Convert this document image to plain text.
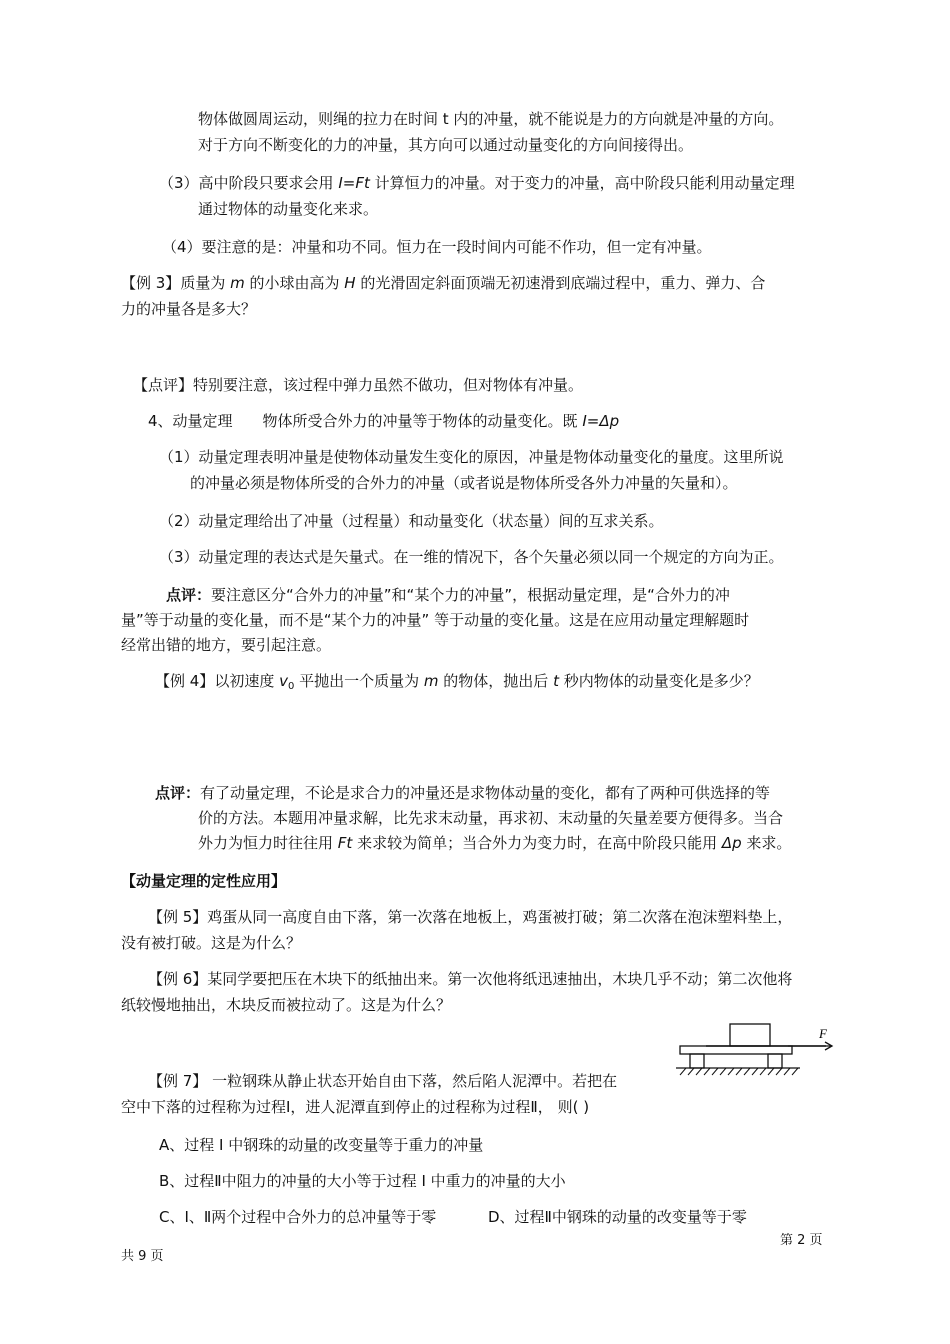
物体做圆周运动，则绳的拉力在时间 t 内的冲量，就不能说是力的方向就是冲量的方向。
对于方向不断变化的力的冲量，其方向可以通过动量变化的方向间接得出。
（3）高中阶段只要求会用 I=Ft 计算恒力的冲量。对于变力的冲量，高中阶段只能利用动量定理
通过物体的动量变化来求。
（4）要注意的是：冲量和功不同。恒力在一段时间内可能不作功，但一定有冲量。
【例 3】质量为 m 的小球由高为 H 的光滑固定斜面顶端无初速滑到底端过程中，重力、弹力、合
力的冲量各是多大？
【点评】特别要注意，该过程中弹力虽然不做功，但对物体有冲量。
4、动量定理 物体所受合外力的冲量等于物体的动量变化。既 I=Δp
（1）动量定理表明冲量是使物体动量发生变化的原因，冲量是物体动量变化的量度。这里所说
的冲量必须是物体所受的合外力的冲量（或者说是物体所受各外力冲量的矢量和）。
（2）动量定理给出了冲量（过程量）和动量变化（状态量）间的互求关系。
（3）动量定理的表达式是矢量式。在一维的情况下，各个矢量必须以同一个规定的方向为正。
点评：要注意区分“合外力的冲量”和“某个力的冲量”，根据动量定理，是“合外力的冲
量”等于动量的变化量，而不是“某个力的冲量” 等于动量的变化量。这是在应用动量定理解题时
经常出错的地方，要引起注意。
【例 4】以初速度 $v_0$ 平抛出一个质量为 m 的物体，抛出后 t 秒内物体的动量变化是多少？
点评：有了动量定理，不论是求合力的冲量还是求物体动量的变化，都有了两种可供选择的等
价的方法。本题用冲量求解，比先求末动量，再求初、末动量的矢量差要方便得多。当合
外力为恒力时往往用 Ft 来求较为简单；当合外力为变力时，在高中阶段只能用 Δp 来求。
【动量定理的定性应用】
【例 5】鸡蛋从同一高度自由下落，第一次落在地板上，鸡蛋被打破；第二次落在泡沫塑料垫上，
没有被打破。这是为什么？
【例 6】某同学要把压在木块下的纸抽出来。第一次他将纸迅速抽出，木块几乎不动；第二次他将
纸较慢地抽出，木块反而被拉动了。这是为什么？
F
【例 7】 一粒钢珠从静止状态开始自由下落，然后陷人泥潭中。若把在
空中下落的过程称为过程Ⅰ，进人泥潭直到停止的过程称为过程Ⅱ， 则( )
A、过程 I 中钢珠的动量的改变量等于重力的冲量
B、过程Ⅱ中阻力的冲量的大小等于过程 I 中重力的冲量的大小
C、I、Ⅱ两个过程中合外力的总冲量等于零	D、过程Ⅱ中钢珠的动量的改变量等于零
共 9 页
第 2 页
